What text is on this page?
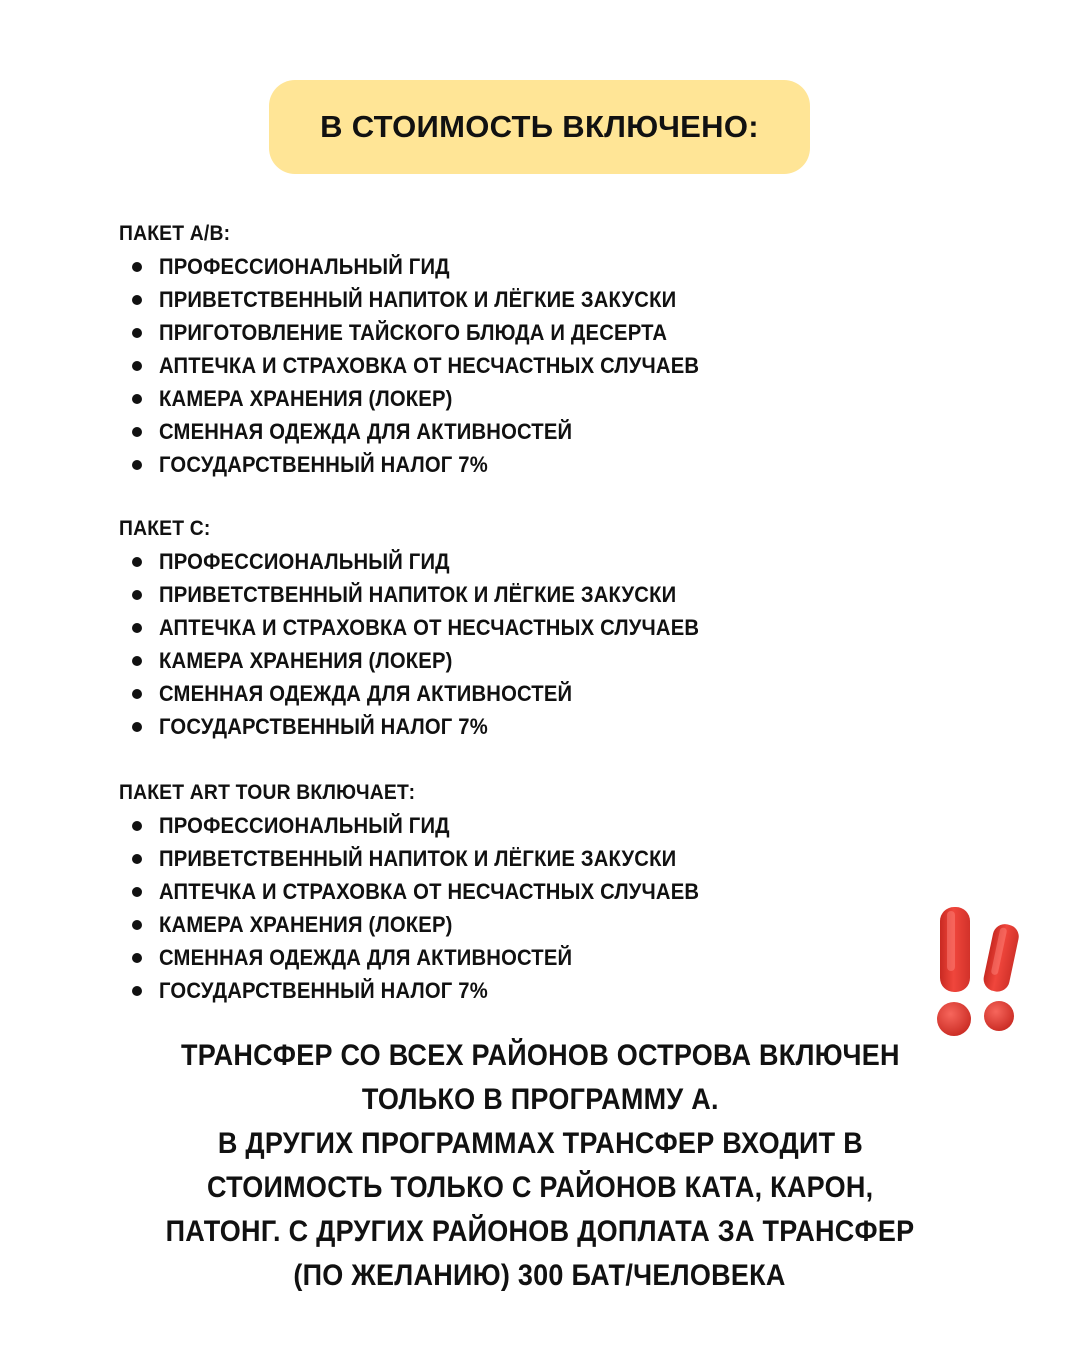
В СТОИМОСТЬ ВКЛЮЧЕНО:
ПАКЕТ А/В:
ПРОФЕССИОНАЛЬНЫЙ ГИД
ПРИВЕТСТВЕННЫЙ НАПИТОК И ЛЁГКИЕ ЗАКУСКИ
ПРИГОТОВЛЕНИЕ ТАЙСКОГО БЛЮДА И ДЕСЕРТА
АПТЕЧКА И СТРАХОВКА ОТ НЕСЧАСТНЫХ СЛУЧАЕВ
КАМЕРА ХРАНЕНИЯ (ЛОКЕР)
СМЕННАЯ ОДЕЖДА ДЛЯ АКТИВНОСТЕЙ
ГОСУДАРСТВЕННЫЙ НАЛОГ 7%
ПАКЕТ С:
ПРОФЕССИОНАЛЬНЫЙ ГИД
ПРИВЕТСТВЕННЫЙ НАПИТОК И ЛЁГКИЕ ЗАКУСКИ
АПТЕЧКА И СТРАХОВКА ОТ НЕСЧАСТНЫХ СЛУЧАЕВ
КАМЕРА ХРАНЕНИЯ (ЛОКЕР)
СМЕННАЯ ОДЕЖДА ДЛЯ АКТИВНОСТЕЙ
ГОСУДАРСТВЕННЫЙ НАЛОГ 7%
ПАКЕТ ART TOUR ВКЛЮЧАЕТ:
ПРОФЕССИОНАЛЬНЫЙ ГИД
ПРИВЕТСТВЕННЫЙ НАПИТОК И ЛЁГКИЕ ЗАКУСКИ
АПТЕЧКА И СТРАХОВКА ОТ НЕСЧАСТНЫХ СЛУЧАЕВ
КАМЕРА ХРАНЕНИЯ (ЛОКЕР)
СМЕННАЯ ОДЕЖДА ДЛЯ АКТИВНОСТЕЙ
ГОСУДАРСТВЕННЫЙ НАЛОГ 7%
ТРАНСФЕР СО ВСЕХ РАЙОНОВ ОСТРОВА ВКЛЮЧЕН
ТОЛЬКО В ПРОГРАММУ А.
В ДРУГИХ ПРОГРАММАХ ТРАНСФЕР ВХОДИТ В
СТОИМОСТЬ ТОЛЬКО С РАЙОНОВ КАТА, КАРОН,
ПАТОНГ. С ДРУГИХ РАЙОНОВ ДОПЛАТА ЗА ТРАНСФЕР
(ПО ЖЕЛАНИЮ) 300 БАТ/ЧЕЛОВЕКА
